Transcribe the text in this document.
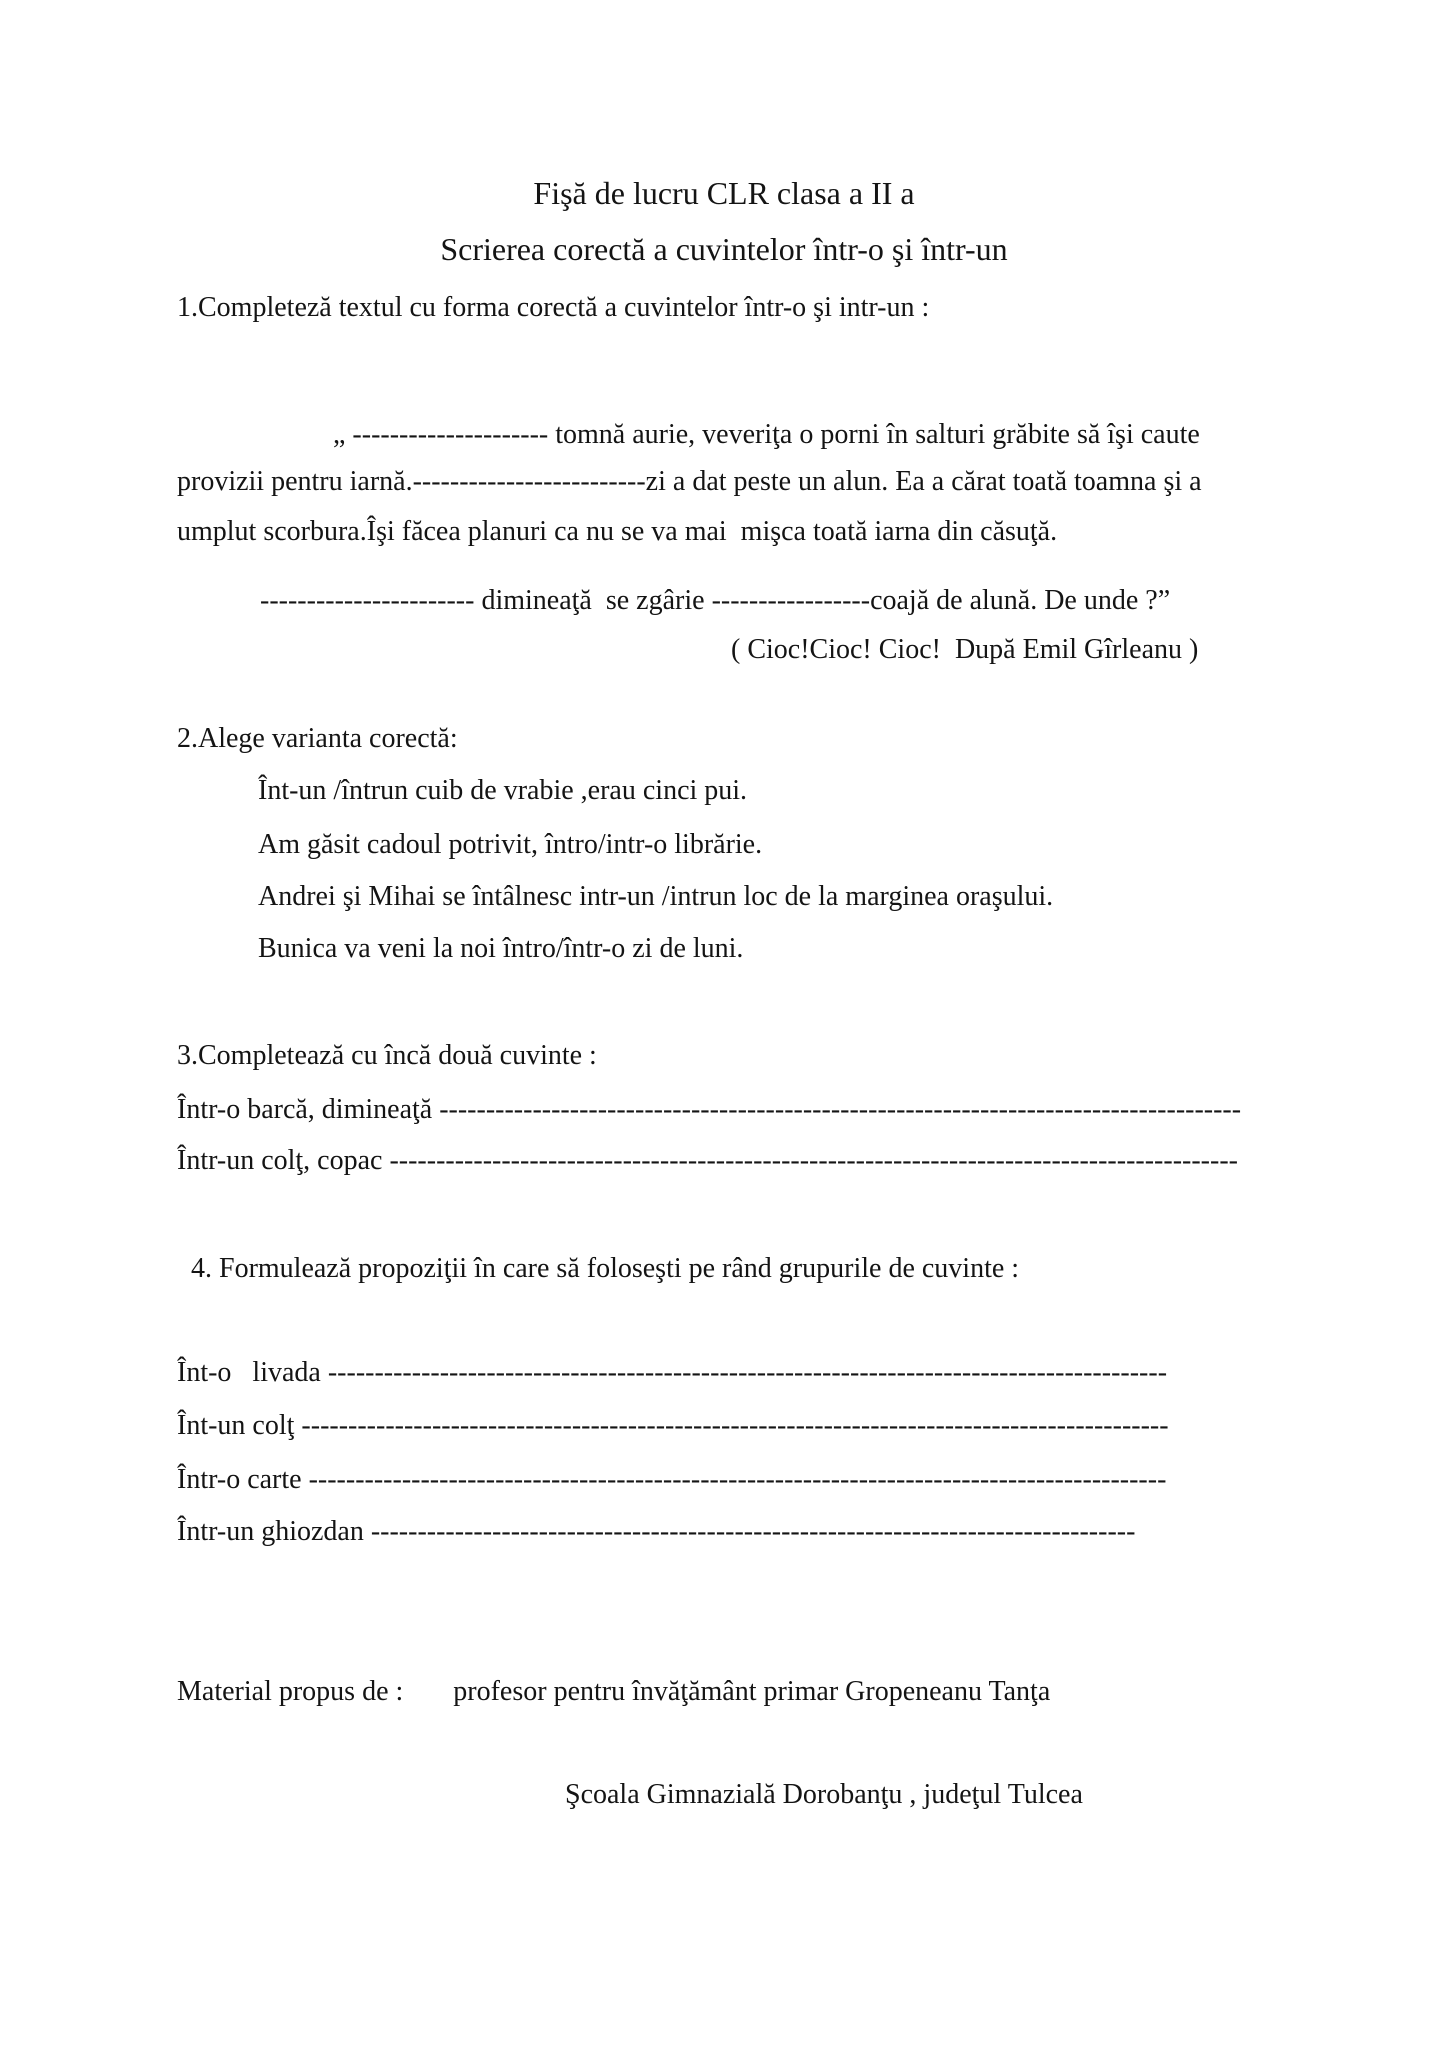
Fişă de lucru CLR clasa a II a
Scrierea corectă a cuvintelor într-o şi într-un
1.Completeză textul cu forma corectă a cuvintelor într-o şi intr-un :
„ --------------------- tomnă aurie, veveriţa o porni în salturi grăbite să îşi caute
provizii pentru iarnă.-------------------------zi a dat peste un alun. Ea a cărat toată toamna şi a
umplut scorbura.Îşi făcea planuri ca nu se va mai  mişca toată iarna din căsuţă.
----------------------- dimineaţă  se zgârie -----------------coajă de alună. De unde ?”
( Cioc!Cioc! Cioc!  După Emil Gîrleanu )
2.Alege varianta corectă:
Înt-un /întrun cuib de vrabie ,erau cinci pui.
Am găsit cadoul potrivit, întro/intr-o librărie.
Andrei şi Mihai se întâlnesc intr-un /intrun loc de la marginea oraşului.
Bunica va veni la noi întro/într-o zi de luni.
3.Completează cu încă două cuvinte :
Într-o barcă, dimineaţă --------------------------------------------------------------------------------------
Într-un colţ, copac -------------------------------------------------------------------------------------------
4. Formulează propoziţii în care să foloseşti pe rând grupurile de cuvinte :
Înt-o   livada ------------------------------------------------------------------------------------------
Înt-un colţ ---------------------------------------------------------------------------------------------
Într-o carte --------------------------------------------------------------------------------------------
Într-un ghiozdan ----------------------------------------------------------------------------------
Material propus de : profesor pentru învăţământ primar Gropeneanu Tanţa
Şcoala Gimnazială Dorobanţu , judeţul Tulcea
